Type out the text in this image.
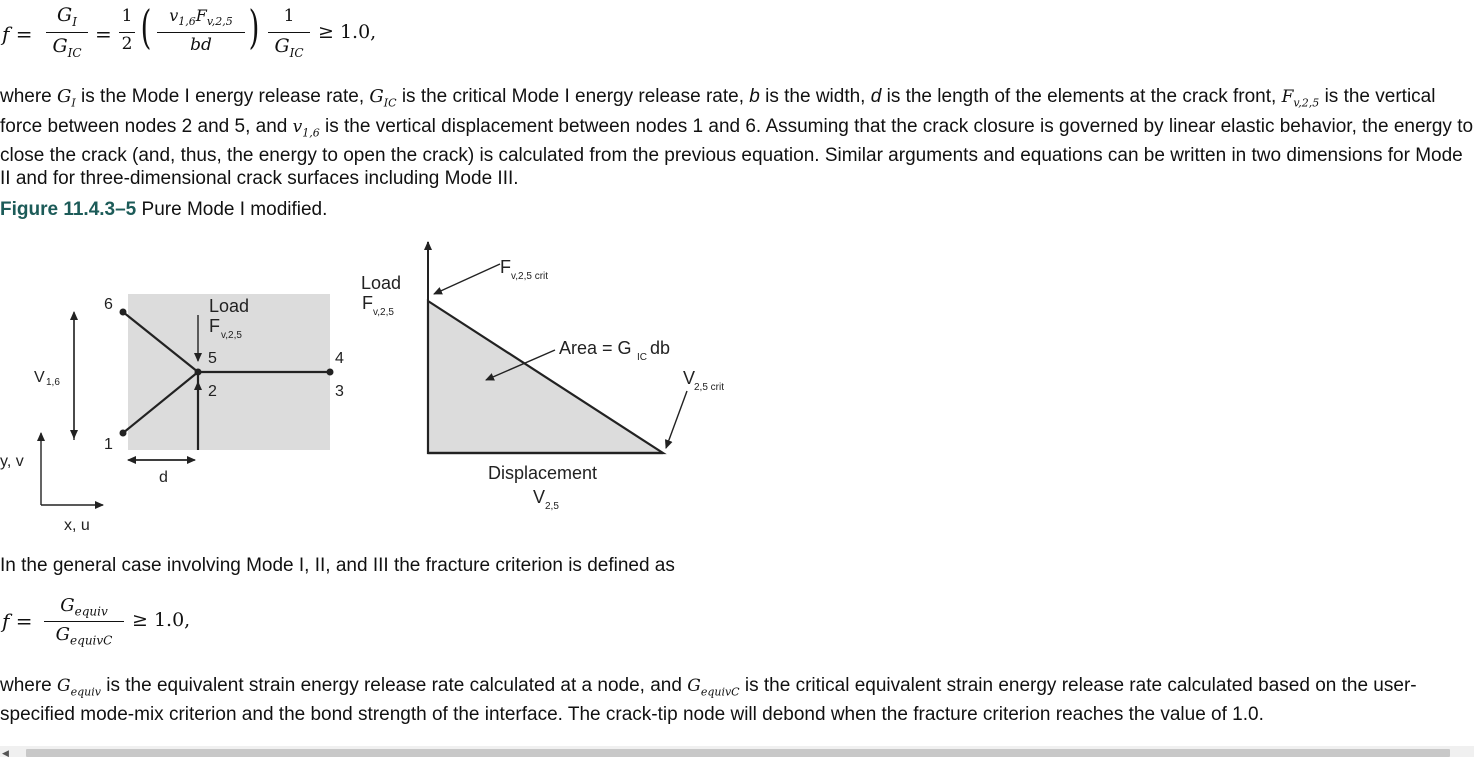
f =
$G_I$
$G_{IC}$
=
1
2 (	$v_{1,6}F_{v,2,5}$
bd )	1
$G_{IC}$
≥ 1.0,
where $G_I$ is the Mode I energy release rate, $G_{IC}$ is the critical Mode I energy release rate, b is the width, d is the length of the elements at the crack front, $F_{v,2,5}$ is the vertical force between nodes 2 and 5, and $v_{1,6}$ is the vertical displacement between nodes 1 and 6. Assuming that the crack closure is governed by linear elastic behavior, the energy to close the crack (and, thus, the energy to open the crack) is calculated from the previous equation. Similar arguments and equations can be written in two dimensions for Mode II and for three-dimensional crack surfaces including Mode III.
Figure 11.4.3–5 Pure Mode I modified.
6
1
Load
F v,2,5
5
2
4
3
V 1,6
d
y, v
x, u
Load
F v,2,5
F v,2,5 crit
Area = G IC db
V
2,5 crit
Displacement
V 2,5
In the general case involving Mode I, II, and III the fracture criterion is defined as
f =
$G_{equiv}$
$G_{equivC}$
≥ 1.0,
where $G_{equiv}$ is the equivalent strain energy release rate calculated at a node, and $G_{equivC}$ is the critical equivalent strain energy release rate calculated based on the user-specified mode-mix criterion and the bond strength of the interface. The crack-tip node will debond when the fracture criterion reaches the value of 1.0.
◀
